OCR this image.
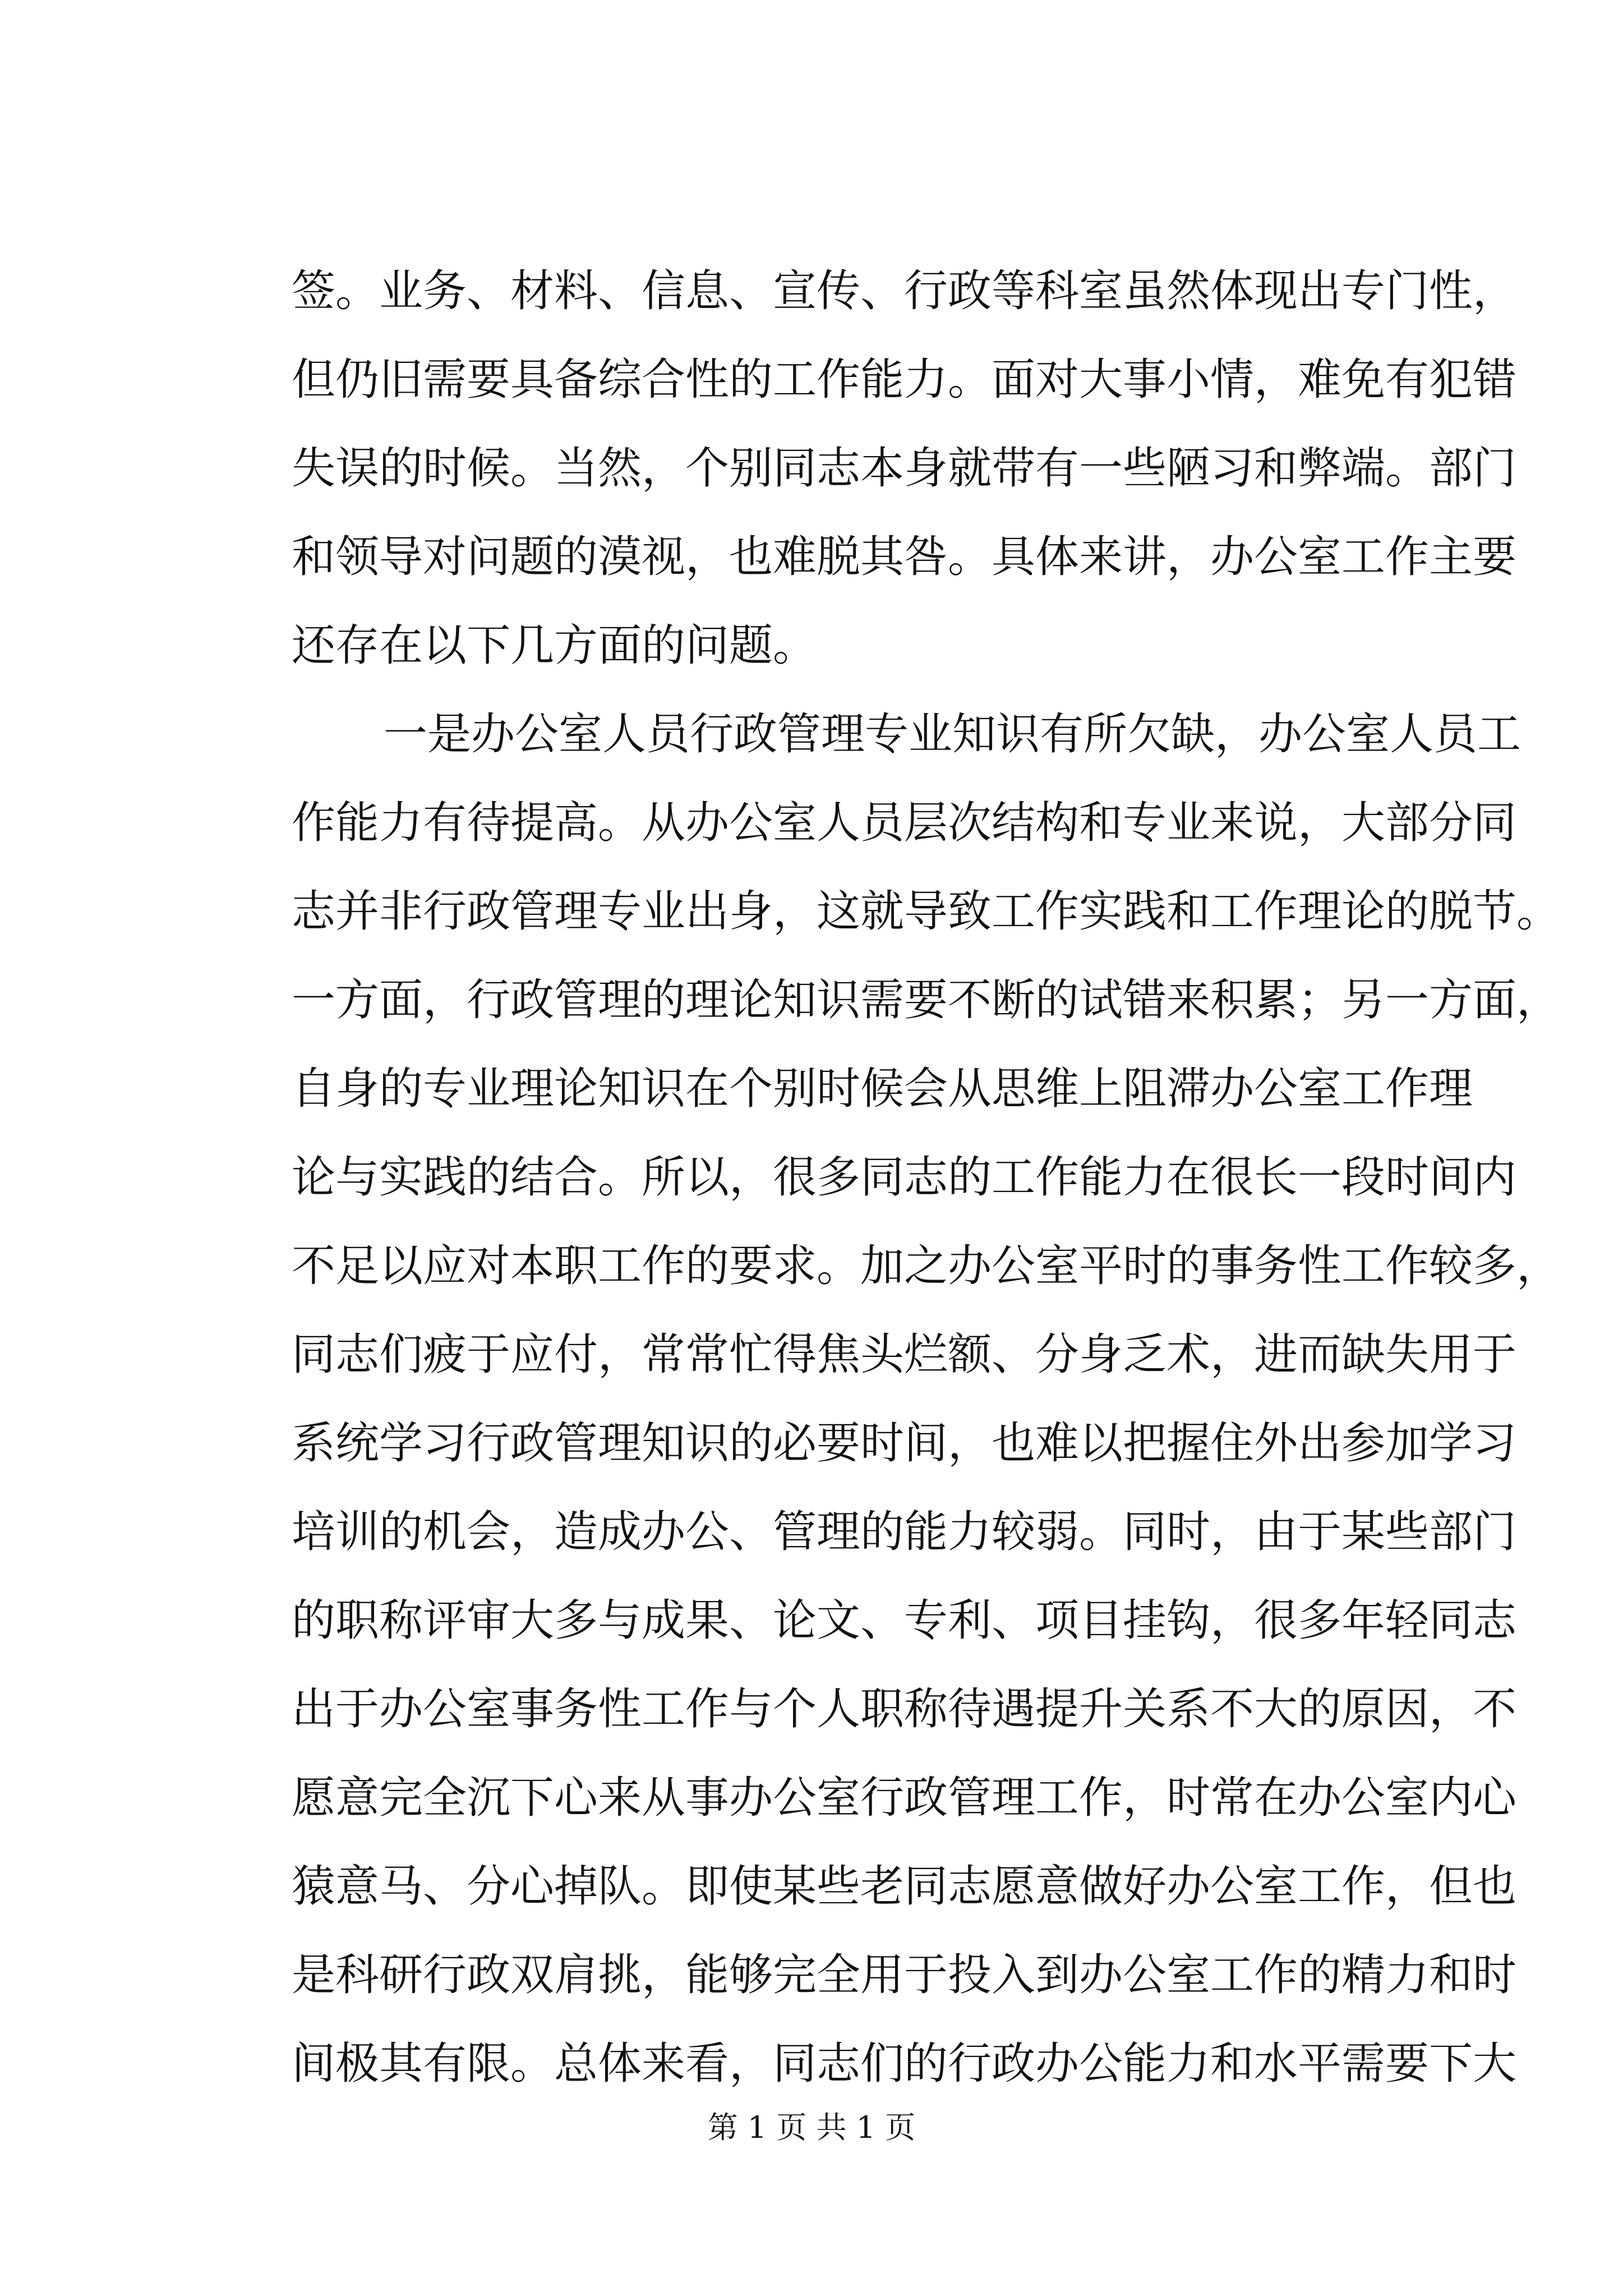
签。业务、材料、信息、宣传、行政等科室虽然体现出专门性，
但仍旧需要具备综合性的工作能力。面对大事小情，难免有犯错
失误的时候。当然，个别同志本身就带有一些陋习和弊端。部门
和领导对问题的漠视，也难脱其咎。具体来讲，办公室工作主要
还存在以下几方面的问题。
一是办公室人员行政管理专业知识有所欠缺，办公室人员工
作能力有待提高。从办公室人员层次结构和专业来说，大部分同
志并非行政管理专业出身，这就导致工作实践和工作理论的脱节。
一方面，行政管理的理论知识需要不断的试错来积累；另一方面，
自身的专业理论知识在个别时候会从思维上阻滞办公室工作理
论与实践的结合。所以，很多同志的工作能力在很长一段时间内
不足以应对本职工作的要求。加之办公室平时的事务性工作较多，
同志们疲于应付，常常忙得焦头烂额、分身乏术，进而缺失用于
系统学习行政管理知识的必要时间，也难以把握住外出参加学习
培训的机会，造成办公、管理的能力较弱。同时，由于某些部门
的职称评审大多与成果、论文、专利、项目挂钩，很多年轻同志
出于办公室事务性工作与个人职称待遇提升关系不大的原因，不
愿意完全沉下心来从事办公室行政管理工作，时常在办公室内心
猿意马、分心掉队。即使某些老同志愿意做好办公室工作，但也
是科研行政双肩挑，能够完全用于投入到办公室工作的精力和时
间极其有限。总体来看，同志们的行政办公能力和水平需要下大
第 1 页 共 1 页
